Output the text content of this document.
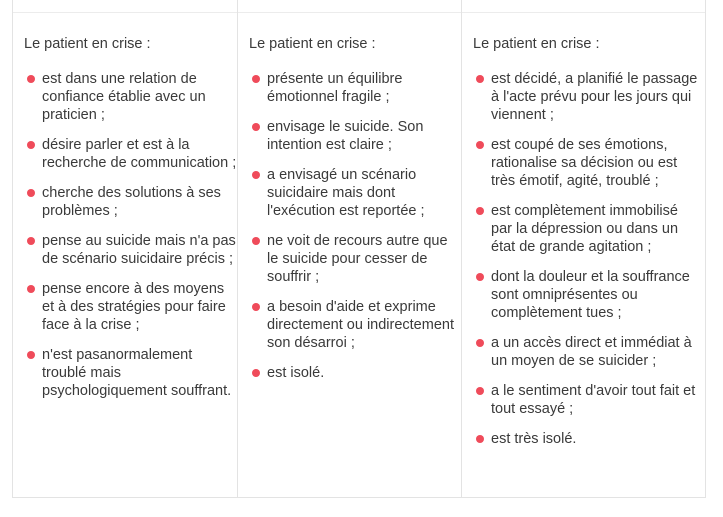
Le patient en crise :
est dans une relation de confiance établie avec un praticien ;
désire parler et est à la recherche de communication ;
cherche des solutions à ses problèmes ;
pense au suicide mais n'a pas de scénario suicidaire précis ;
pense encore à des moyens et à des stratégies pour faire face à la crise ;
n'est pasanormalement troublé mais psychologiquement souffrant.
Le patient en crise :
présente un équilibre émotionnel fragile ;
envisage le suicide. Son intention est claire ;
a envisagé un scénario suicidaire mais dont l'exécution est reportée ;
ne voit de recours autre que le suicide pour cesser de souffrir ;
a besoin d'aide et exprime directement ou indirectement son désarroi ;
est isolé.
Le patient en crise :
est décidé, a planifié le passage à l'acte prévu pour les jours qui viennent ;
est coupé de ses émotions, rationalise sa décision ou est très émotif, agité, troublé ;
est complètement immobilisé par la dépression ou dans un état de grande agitation ;
dont la douleur et la souffrance sont omniprésentes ou complètement tues ;
a un accès direct et immédiat à un moyen de se suicider ;
a le sentiment d'avoir tout fait et tout essayé ;
est très isolé.
